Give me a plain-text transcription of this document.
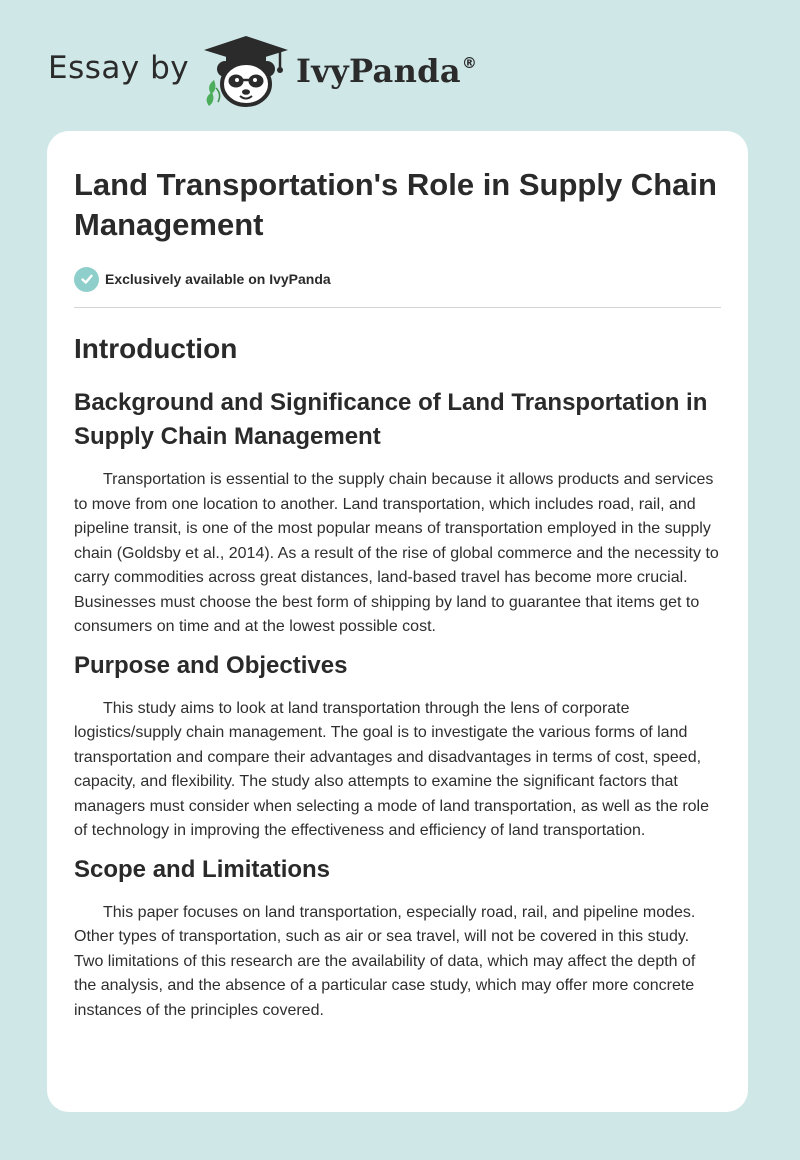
Essay by	IvyPanda®
Land Transportation's Role in Supply Chain Management
Exclusively available on IvyPanda
Introduction
Background and Significance of Land Transportation in Supply Chain Management

Transportation is essential to the supply chain because it allows products and services to move from one location to another. Land transportation, which includes road, rail, and pipeline transit, is one of the most popular means of transportation employed in the supply chain (Goldsby et al., 2014). As a result of the rise of global commerce and the necessity to carry commodities across great distances, land-based travel has become more crucial. Businesses must choose the best form of shipping by land to guarantee that items get to consumers on time and at the lowest possible cost.

Purpose and Objectives

This study aims to look at land transportation through the lens of corporate logistics/supply chain management. The goal is to investigate the various forms of land transportation and compare their advantages and disadvantages in terms of cost, speed, capacity, and flexibility. The study also attempts to examine the significant factors that managers must consider when selecting a mode of land transportation, as well as the role of technology in improving the effectiveness and efficiency of land transportation.

Scope and Limitations

This paper focuses on land transportation, especially road, rail, and pipeline modes. Other types of transportation, such as air or sea travel, will not be covered in this study. Two limitations of this research are the availability of data, which may affect the depth of the analysis, and the absence of a particular case study, which may offer more concrete instances of the principles covered.
